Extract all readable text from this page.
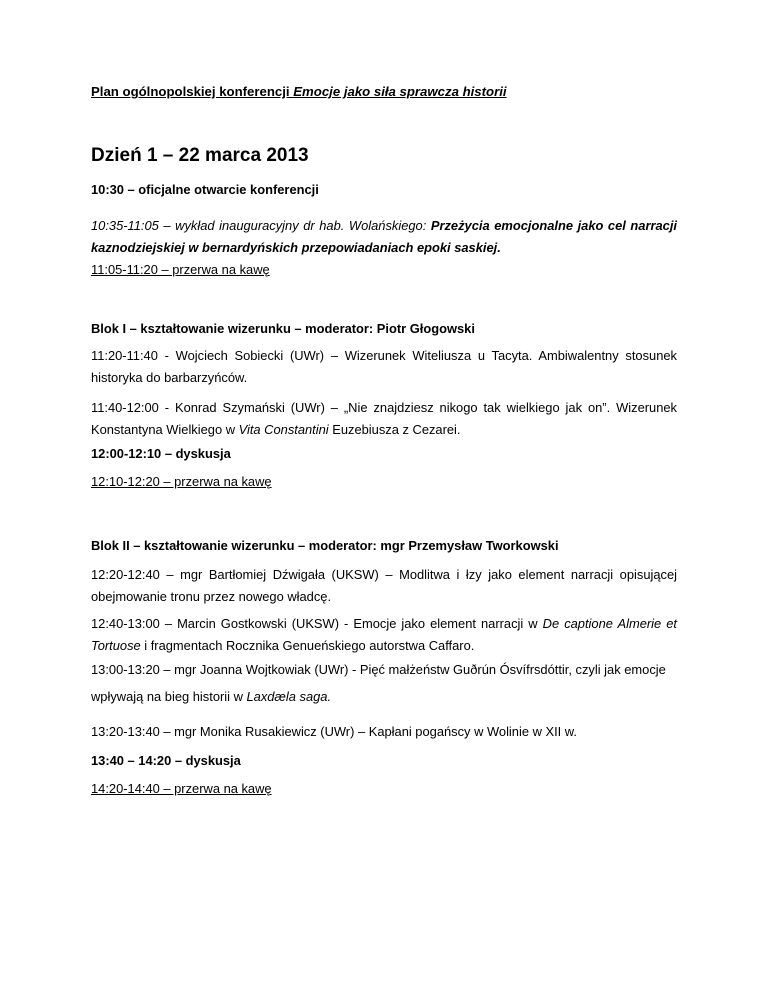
Plan ogólnopolskiej konferencji Emocje jako siła sprawcza historii

Dzień 1 – 22 marca 2013

10:30 – oficjalne otwarcie konferencji

10:35-11:05 – wykład inauguracyjny dr hab. Wolańskiego: Przeżycia emocjonalne jako cel narracji kaznodziejskiej w bernardyńskich przepowiadaniach epoki saskiej.

11:05-11:20 – przerwa na kawę

Blok I – kształtowanie wizerunku – moderator: Piotr Głogowski

11:20-11:40 - Wojciech Sobiecki (UWr) – Wizerunek Witeliusza u Tacyta. Ambiwalentny stosunek historyka do barbarzyńców.

11:40-12:00 - Konrad Szymański (UWr) – „Nie znajdziesz nikogo tak wielkiego jak on”. Wizerunek Konstantyna Wielkiego w Vita Constantini Euzebiusza z Cezarei.

12:00-12:10 – dyskusja

12:10-12:20 – przerwa na kawę

Blok II – kształtowanie wizerunku – moderator: mgr Przemysław Tworkowski

12:20-12:40 – mgr Bartłomiej Dźwigała (UKSW) – Modlitwa i łzy jako element narracji opisującej obejmowanie tronu przez nowego władcę.

12:40-13:00 – Marcin Gostkowski (UKSW) - Emocje jako element narracji w De captione Almerie et Tortuose i fragmentach Rocznika Genueńskiego autorstwa Caffaro.

13:00-13:20 – mgr Joanna Wojtkowiak (UWr) - Pięć małżeństw Guðrún Ósvífrsdóttir, czyli jak emocje

wpływają na bieg historii w Laxdæla saga.

13:20-13:40 – mgr Monika Rusakiewicz (UWr) – Kapłani pogańscy w Wolinie w XII w.

13:40 – 14:20 – dyskusja

14:20-14:40 – przerwa na kawę
